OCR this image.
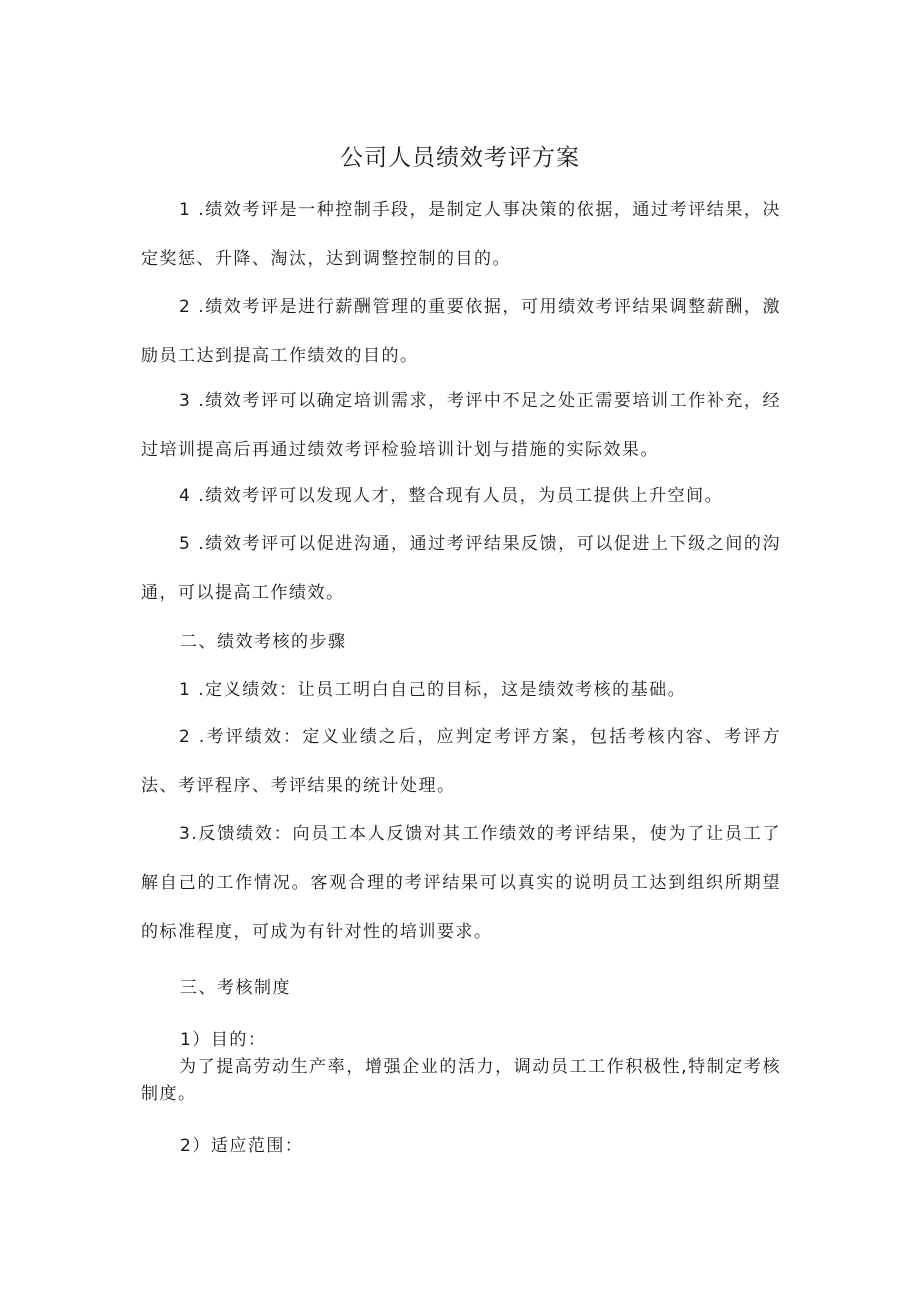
公司人员绩效考评方案

1 .绩效考评是一种控制手段，是制定人事决策的依据，通过考评结果，决定奖惩、升降、淘汰，达到调整控制的目的。

2 .绩效考评是进行薪酬管理的重要依据，可用绩效考评结果调整薪酬，激励员工达到提高工作绩效的目的。

3 .绩效考评可以确定培训需求，考评中不足之处正需要培训工作补充，经过培训提高后再通过绩效考评检验培训计划与措施的实际效果。

4 .绩效考评可以发现人才，整合现有人员，为员工提供上升空间。

5 .绩效考评可以促进沟通，通过考评结果反馈，可以促进上下级之间的沟通，可以提高工作绩效。

二、绩效考核的步骤

1 .定义绩效：让员工明白自己的目标，这是绩效考核的基础。

2 .考评绩效：定义业绩之后，应判定考评方案，包括考核内容、考评方法、考评程序、考评结果的统计处理。

3.反馈绩效：向员工本人反馈对其工作绩效的考评结果，使为了让员工了解自己的工作情况。客观合理的考评结果可以真实的说明员工达到组织所期望的标准程度，可成为有针对性的培训要求。

三、考核制度
1）目的：

为了提高劳动生产率，增强企业的活力，调动员工工作积极性,特制定考核制度。

2）适应范围：
